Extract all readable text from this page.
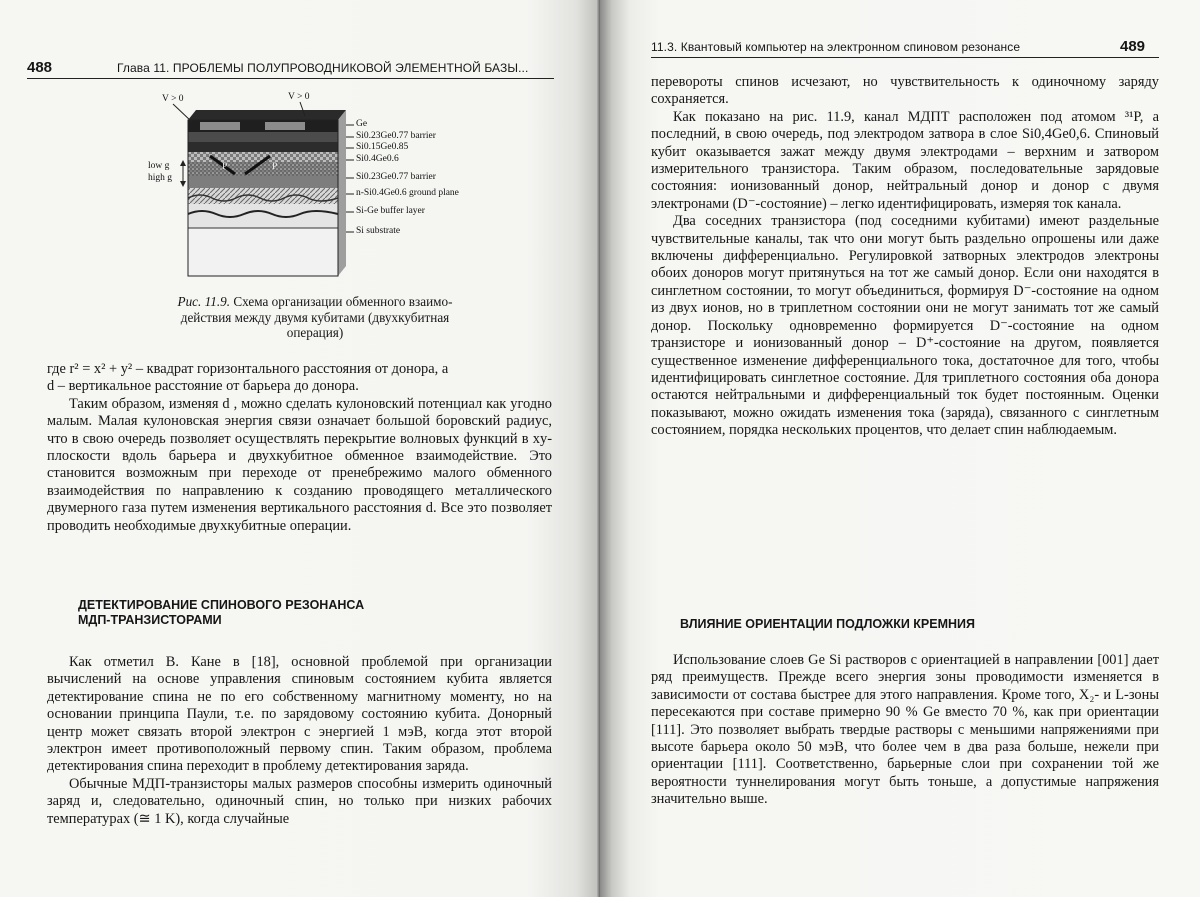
488	Глава 11. ПРОБЛЕМЫ ПОЛУПРОВОДНИКОВОЙ ЭЛЕМЕНТНОЙ БАЗЫ...
V > 0	V > 0
low g
high g
P	P
Ge
Si0.23Ge0.77 barrier
Si0.15Ge0.85
Si0.4Ge0.6
Si0.23Ge0.77 barrier
n-Si0.4Ge0.6 ground plane
Si-Ge buffer layer
Si substrate
Рис. 11.9. Схема организации обменного взаимо-
действия между двумя кубитами (двухкубитная
операция)

где r² = x² + y² – квадрат горизонтального расстояния от донора, а

d – вертикальное расстояние от барьера до донора.

Таким образом, изменяя d , можно сделать кулоновский потенциал как угодно малым. Малая кулоновская энергия связи означает большой боровский радиус, что в свою очередь позволяет осуществлять перекрытие волновых функций в xy-плоскости вдоль барьера и двухкубитное обменное взаимодействие. Это становится возможным при переходе от пренебрежимо малого обменного взаимодействия по направлению к созданию проводящего металлического двумерного газа путем изменения вертикального расстояния d. Все это позволяет проводить необходимые двухкубитные операции.

ДЕТЕКТИРОВАНИЕ СПИНОВОГО РЕЗОНАНСА
МДП-ТРАНЗИСТОРАМИ

Как отметил В. Кане в [18], основной проблемой при организации вычислений на основе управления спиновым состоянием кубита является детектирование спина не по его собственному магнитному моменту, но на основании принципа Паули, т.е. по зарядовому состоянию кубита. Донорный центр может связать второй электрон с энергией 1 мэВ, когда этот второй электрон имеет противоположный первому спин. Таким образом, проблема детектирования спина переходит в проблему детектирования заряда.

Обычные МДП-транзисторы малых размеров способны измерить одиночный заряд и, следовательно, одиночный спин, но только при низких рабочих температурах (≅ 1 K), когда случайные

11.3. Квантовый компьютер на электронном спиновом резонансе	489

перевороты спинов исчезают, но чувствительность к одиночному заряду сохраняется.

Как показано на рис. 11.9, канал МДПТ расположен под атомом ³¹P, а последний, в свою очередь, под электродом затвора в слое Si0,4Ge0,6. Спиновый кубит оказывается зажат между двумя электродами – верхним и затвором измерительного транзистора. Таким образом, последовательные зарядовые состояния: ионизованный донор, нейтральный донор и донор с двумя электронами (D⁻-состояние) – легко идентифицировать, измеряя ток канала.

Два соседних транзистора (под соседними кубитами) имеют раздельные чувствительные каналы, так что они могут быть раздельно опрошены или даже включены дифференциально. Регулировкой затворных электродов электроны обоих доноров могут притянуться на тот же самый донор. Если они находятся в синглетном состоянии, то могут объединиться, формируя D⁻-состояние на одном из двух ионов, но в триплетном состоянии они не могут занимать тот же самый донор. Поскольку одновременно формируется D⁻-состояние на одном транзисторе и ионизованный донор – D⁺-состояние на другом, появляется существенное изменение дифференциального тока, достаточное для того, чтобы идентифицировать синглетное состояние. Для триплетного состояния оба донора остаются нейтральными и дифференциальный ток будет постоянным. Оценки показывают, можно ожидать изменения тока (заряда), связанного с синглетным состоянием, порядка нескольких процентов, что делает спин наблюдаемым.

ВЛИЯНИЕ ОРИЕНТАЦИИ ПОДЛОЖКИ КРЕМНИЯ

Использование слоев Ge Si растворов с ориентацией в направлении [001] дает ряд преимуществ. Прежде всего энергия зоны проводимости изменяется в зависимости от состава быстрее для этого направления. Кроме того, X₂- и L-зоны пересекаются при составе примерно 90 % Ge вместо 70 %, как при ориентации [111]. Это позволяет выбрать твердые растворы с меньшими напряжениями при высоте барьера около 50 мэВ, что более чем в два раза больше, нежели при ориентации [111]. Соответственно, барьерные слои при сохранении той же вероятности туннелирования могут быть тоньше, а допустимые напряжения значительно выше.
